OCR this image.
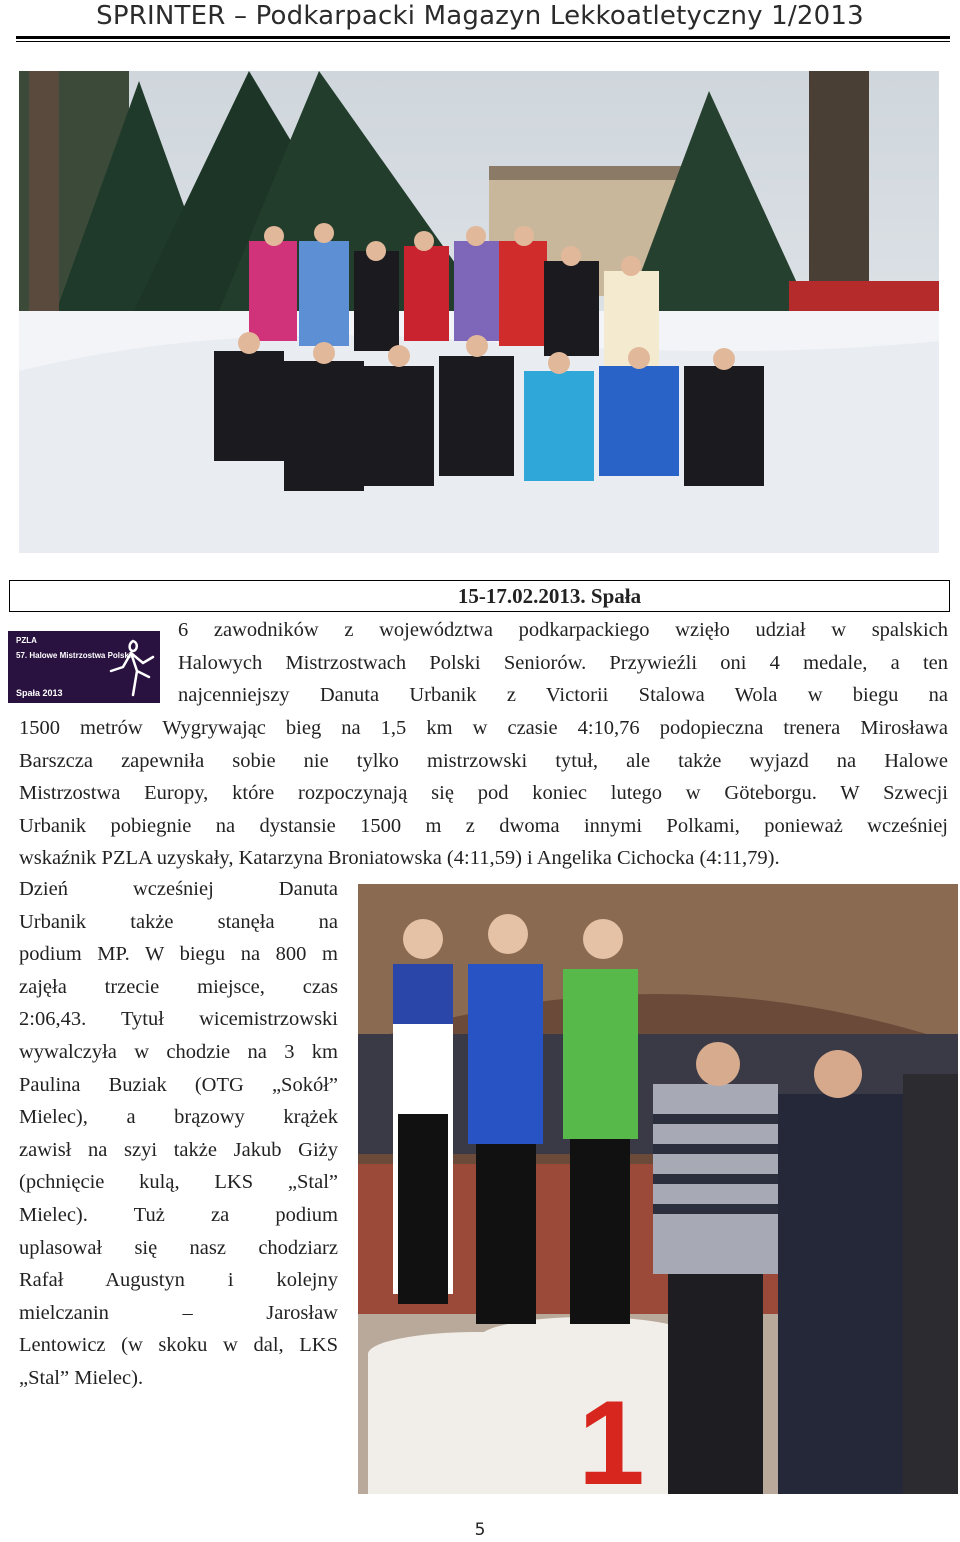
SPRINTER – Podkarpacki Magazyn Lekkoatletyczny 1/2013
15-17.02.2013. Spała
PZLA
57. Halowe Mistrzostwa Polski
Spała 2013
6 zawodników z województwa podkarpackiego wzięło udział w spalskich
Halowych Mistrzostwach Polski Seniorów. Przywieźli oni 4 medale, a ten
najcenniejszy Danuta Urbanik z Victorii Stalowa Wola w biegu na
1500 metrów Wygrywając bieg na 1,5 km w czasie 4:10,76 podopieczna trenera Mirosława
Barszcza zapewniła sobie nie tylko mistrzowski tytuł, ale także wyjazd na Halowe
Mistrzostwa Europy, które rozpoczynają się pod koniec lutego w Göteborgu. W Szwecji
Urbanik pobiegnie na dystansie 1500 m z dwoma innymi Polkami, ponieważ wcześniej
wskaźnik PZLA uzyskały, Katarzyna Broniatowska (4:11,59) i Angelika Cichocka (4:11,79).
Dzień wcześniej Danuta
Urbanik także stanęła na
podium MP. W biegu na 800 m
zajęła trzecie miejsce, czas
2:06,43. Tytuł wicemistrzowski
wywalczyła w chodzie na 3 km
Paulina Buziak (OTG „Sokół”
Mielec), a brązowy krążek
zawisł na szyi także Jakub Giży
(pchnięcie kulą, LKS „Stal”
Mielec). Tuż za podium
uplasował się nasz chodziarz
Rafał Augustyn i kolejny
mielczanin – Jarosław
Lentowicz (w skoku w dal, LKS
„Stal” Mielec).	1
5
